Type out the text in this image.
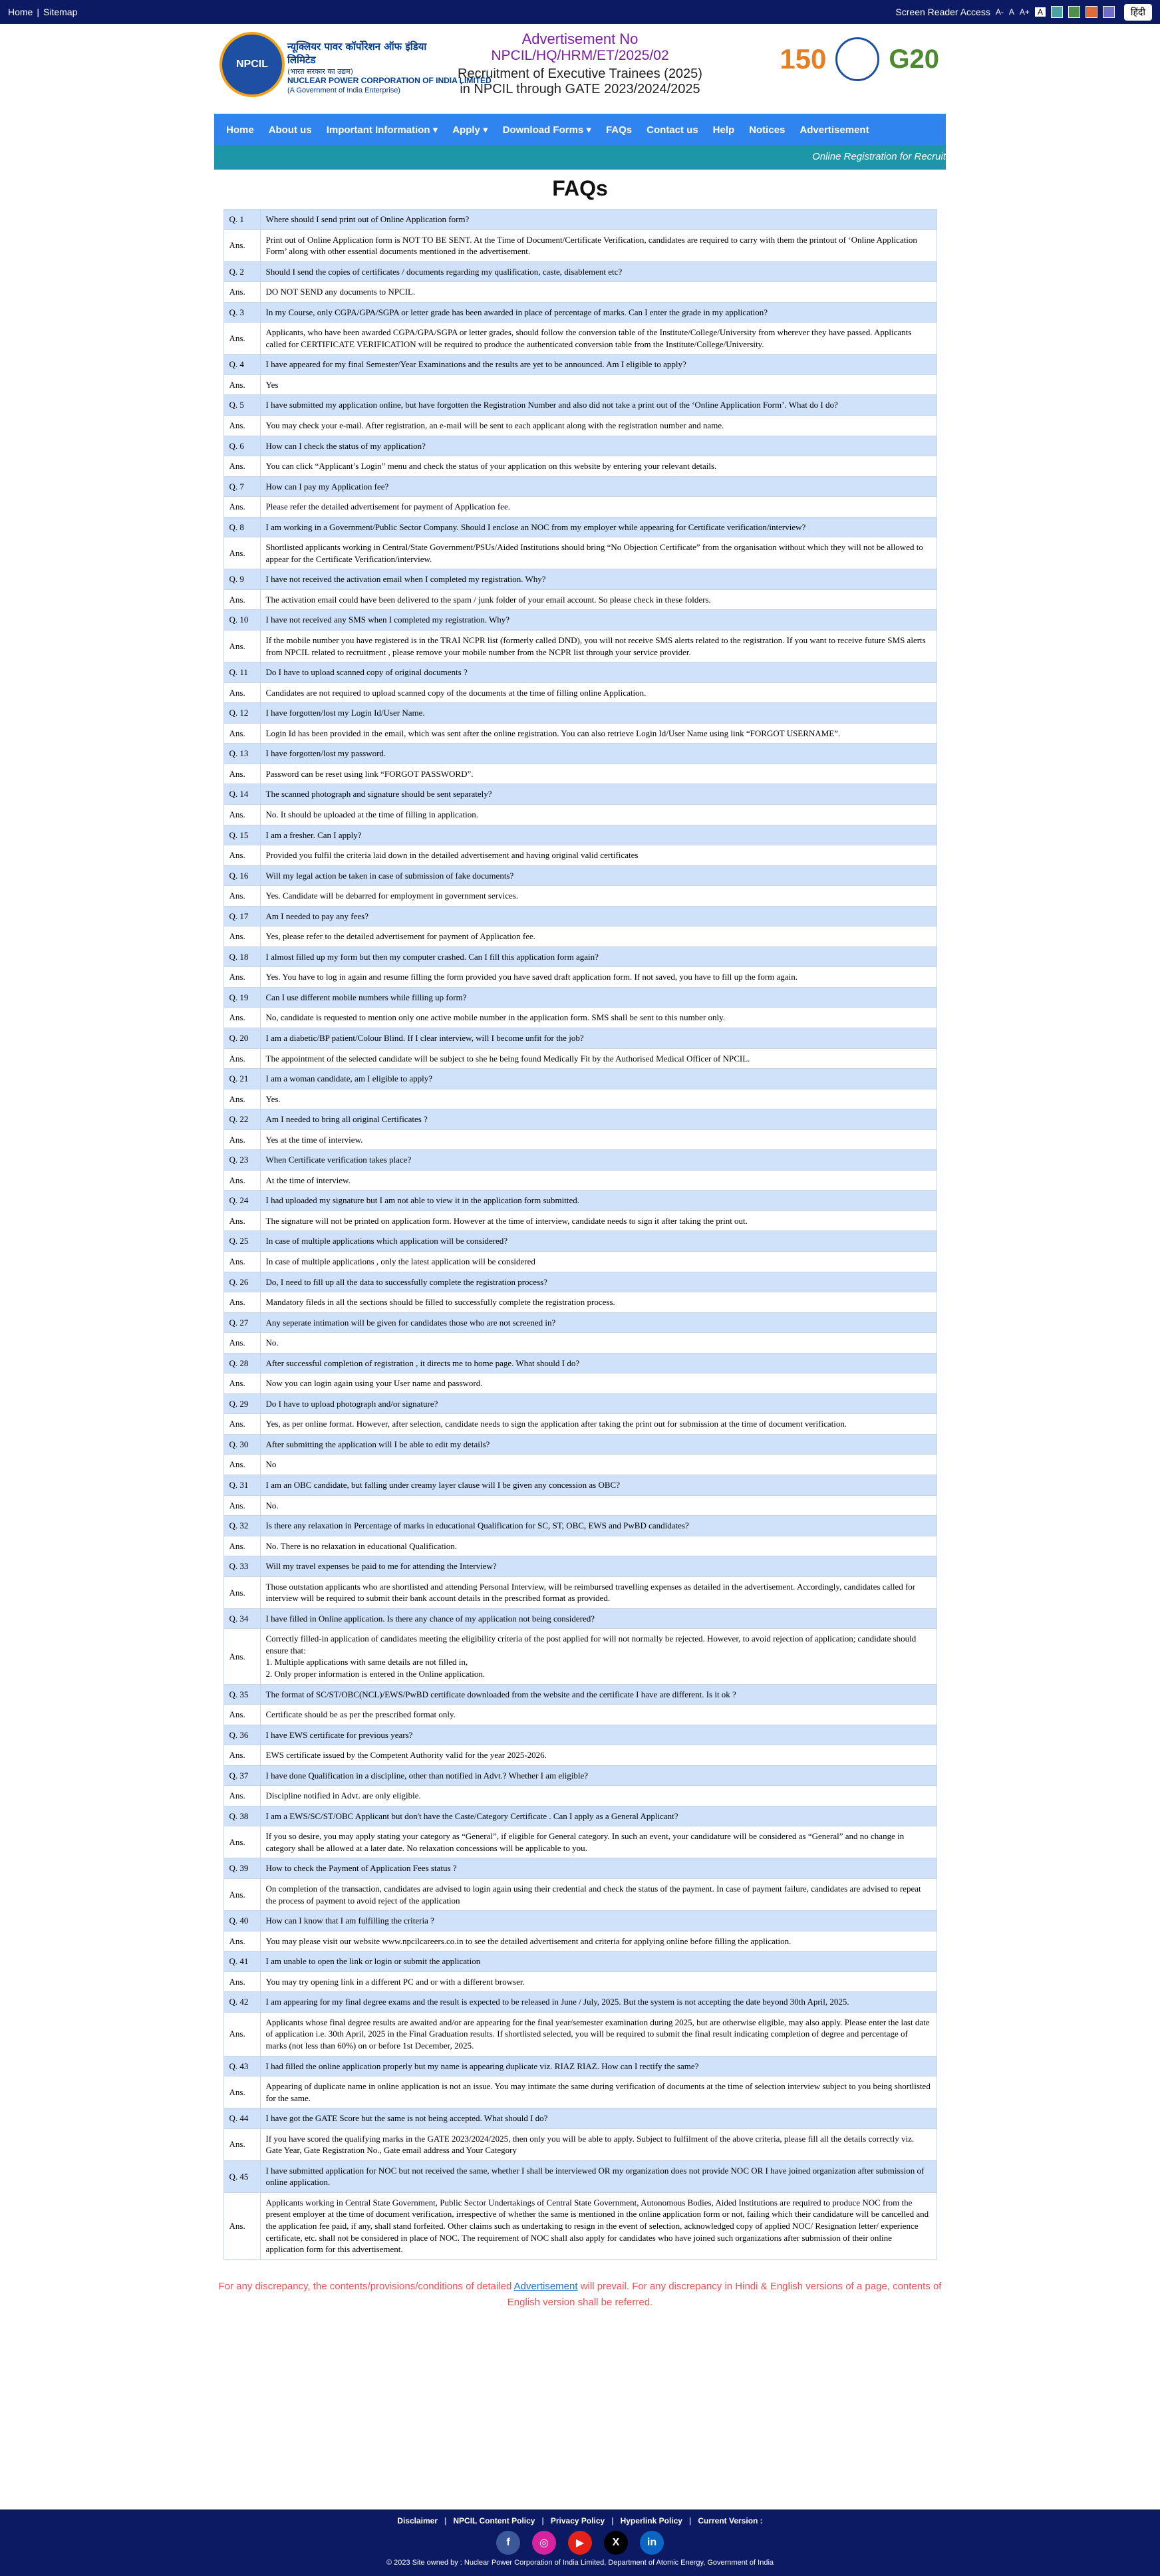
Home | Sitemap	Screen Reader Access A- A A+	A	हिंदी
NPCIL
न्यूक्लियर पावर कॉर्पोरेशन ऑफ इंडिया लिमिटेड
(भारत सरकार का उद्यम)
NUCLEAR POWER CORPORATION OF INDIA LIMITED
(A Government of India Enterprise)
Advertisement No
NPCIL/HQ/HRM/ET/2025/02
Recruitment of Executive Trainees (2025) in NPCIL through GATE 2023/2024/2025
150 G20
Home	About us	Important Information ▾	Apply ▾	Download Forms ▾	FAQs	Contact us	Help	Notices	Advertisement
Online Registration for Recruit
FAQs
Q. 1	Where should I send print out of Online Application form?
Ans.	Print out of Online Application form is NOT TO BE SENT. At the Time of Document/Certificate Verification, candidates are required to carry with them the printout of ‘Online Application Form’ along with other essential documents mentioned in the advertisement.
Q. 2	Should I send the copies of certificates / documents regarding my qualification, caste, disablement etc?
Ans.	DO NOT SEND any documents to NPCIL.
Q. 3	In my Course, only CGPA/GPA/SGPA or letter grade has been awarded in place of percentage of marks. Can I enter the grade in my application?
Ans.	Applicants, who have been awarded CGPA/GPA/SGPA or letter grades, should follow the conversion table of the Institute/College/University from wherever they have passed. Applicants called for CERTIFICATE VERIFICATION will be required to produce the authenticated conversion table from the Institute/College/University.
Q. 4	I have appeared for my final Semester/Year Examinations and the results are yet to be announced. Am I eligible to apply?
Ans.	Yes
Q. 5	I have submitted my application online, but have forgotten the Registration Number and also did not take a print out of the ‘Online Application Form’. What do I do?
Ans.	You may check your e-mail. After registration, an e-mail will be sent to each applicant along with the registration number and name.
Q. 6	How can I check the status of my application?
Ans.	You can click “Applicant’s Login” menu and check the status of your application on this website by entering your relevant details.
Q. 7	How can I pay my Application fee?
Ans.	Please refer the detailed advertisement for payment of Application fee.
Q. 8	I am working in a Government/Public Sector Company. Should I enclose an NOC from my employer while appearing for Certificate verification/interview?
Ans.	Shortlisted applicants working in Central/State Government/PSUs/Aided Institutions should bring “No Objection Certificate” from the organisation without which they will not be allowed to appear for the Certificate Verification/interview.
Q. 9	I have not received the activation email when I completed my registration. Why?
Ans.	The activation email could have been delivered to the spam / junk folder of your email account. So please check in these folders.
Q. 10	I have not received any SMS when I completed my registration. Why?
Ans.	If the mobile number you have registered is in the TRAI NCPR list (formerly called DND), you will not receive SMS alerts related to the registration. If you want to receive future SMS alerts from NPCIL related to recruitment , please remove your mobile number from the NCPR list through your service provider.
Q. 11	Do I have to upload scanned copy of original documents ?
Ans.	Candidates are not required to upload scanned copy of the documents at the time of filling online Application.
Q. 12	I have forgotten/lost my Login Id/User Name.
Ans.	Login Id has been provided in the email, which was sent after the online registration. You can also retrieve Login Id/User Name using link “FORGOT USERNAME”.
Q. 13	I have forgotten/lost my password.
Ans.	Password can be reset using link “FORGOT PASSWORD”.
Q. 14	The scanned photograph and signature should be sent separately?
Ans.	No. It should be uploaded at the time of filling in application.
Q. 15	I am a fresher. Can I apply?
Ans.	Provided you fulfil the criteria laid down in the detailed advertisement and having original valid certificates
Q. 16	Will my legal action be taken in case of submission of fake documents?
Ans.	Yes. Candidate will be debarred for employment in government services.
Q. 17	Am I needed to pay any fees?
Ans.	Yes, please refer to the detailed advertisement for payment of Application fee.
Q. 18	I almost filled up my form but then my computer crashed. Can I fill this application form again?
Ans.	Yes. You have to log in again and resume filling the form provided you have saved draft application form. If not saved, you have to fill up the form again.
Q. 19	Can I use different mobile numbers while filling up form?
Ans.	No, candidate is requested to mention only one active mobile number in the application form. SMS shall be sent to this number only.
Q. 20	I am a diabetic/BP patient/Colour Blind. If I clear interview, will I become unfit for the job?
Ans.	The appointment of the selected candidate will be subject to she he being found Medically Fit by the Authorised Medical Officer of NPCIL.
Q. 21	I am a woman candidate, am I eligible to apply?
Ans.	Yes.
Q. 22	Am I needed to bring all original Certificates ?
Ans.	Yes at the time of interview.
Q. 23	When Certificate verification takes place?
Ans.	At the time of interview.
Q. 24	I had uploaded my signature but I am not able to view it in the application form submitted.
Ans.	The signature will not be printed on application form. However at the time of interview, candidate needs to sign it after taking the print out.
Q. 25	In case of multiple applications which application will be considered?
Ans.	In case of multiple applications , only the latest application will be considered
Q. 26	Do, I need to fill up all the data to successfully complete the registration process?
Ans.	Mandatory fileds in all the sections should be filled to successfully complete the registration process.
Q. 27	Any seperate intimation will be given for candidates those who are not screened in?
Ans.	No.
Q. 28	After successful completion of registration , it directs me to home page. What should I do?
Ans.	Now you can login again using your User name and password.
Q. 29	Do I have to upload photograph and/or signature?
Ans.	Yes, as per online format. However, after selection, candidate needs to sign the application after taking the print out for submission at the time of document verification.
Q. 30	After submitting the application will I be able to edit my details?
Ans.	No
Q. 31	I am an OBC candidate, but falling under creamy layer clause will I be given any concession as OBC?
Ans.	No.
Q. 32	Is there any relaxation in Percentage of marks in educational Qualification for SC, ST, OBC, EWS and PwBD candidates?
Ans.	No. There is no relaxation in educational Qualification.
Q. 33	Will my travel expenses be paid to me for attending the Interview?
Ans.	Those outstation applicants who are shortlisted and attending Personal Interview, will be reimbursed travelling expenses as detailed in the advertisement. Accordingly, candidates called for interview will be required to submit their bank account details in the prescribed format as provided.
Q. 34	I have filled in Online application. Is there any chance of my application not being considered?
Ans.	Correctly filled-in application of candidates meeting the eligibility criteria of the post applied for will not normally be rejected. However, to avoid rejection of application; candidate should ensure that:
1. Multiple applications with same details are not filled in,
2. Only proper information is entered in the Online application.
Q. 35	The format of SC/ST/OBC(NCL)/EWS/PwBD certificate downloaded from the website and the certificate I have are different. Is it ok ?
Ans.	Certificate should be as per the prescribed format only.
Q. 36	I have EWS certificate for previous years?
Ans.	EWS certificate issued by the Competent Authority valid for the year 2025-2026.
Q. 37	I have done Qualification in a discipline, other than notified in Advt.? Whether I am eligible?
Ans.	Discipline notified in Advt. are only eligible.
Q. 38	I am a EWS/SC/ST/OBC Applicant but don't have the Caste/Category Certificate . Can I apply as a General Applicant?
Ans.	If you so desire, you may apply stating your category as “General”, if eligible for General category. In such an event, your candidature will be considered as “General” and no change in category shall be allowed at a later date. No relaxation concessions will be applicable to you.
Q. 39	How to check the Payment of Application Fees status ?
Ans.	On completion of the transaction, candidates are advised to login again using their credential and check the status of the payment. In case of payment failure, candidates are advised to repeat the process of payment to avoid reject of the application
Q. 40	How can I know that I am fulfilling the criteria ?
Ans.	You may please visit our website www.npcilcareers.co.in to see the detailed advertisement and criteria for applying online before filling the application.
Q. 41	I am unable to open the link or login or submit the application
Ans.	You may try opening link in a different PC and or with a different browser.
Q. 42	I am appearing for my final degree exams and the result is expected to be released in June / July, 2025. But the system is not accepting the date beyond 30th April, 2025.
Ans.	Applicants whose final degree results are awaited and/or are appearing for the final year/semester examination during 2025, but are otherwise eligible, may also apply. Please enter the last date of application i.e. 30th April, 2025 in the Final Graduation results. If shortlisted selected, you will be required to submit the final result indicating completion of degree and percentage of marks (not less than 60%) on or before 1st December, 2025.
Q. 43	I had filled the online application properly but my name is appearing duplicate viz. RIAZ RIAZ. How can I rectify the same?
Ans.	Appearing of duplicate name in online application is not an issue. You may intimate the same during verification of documents at the time of selection interview subject to you being shortlisted for the same.
Q. 44	I have got the GATE Score but the same is not being accepted. What should I do?
Ans.	If you have scored the qualifying marks in the GATE 2023/2024/2025, then only you will be able to apply. Subject to fulfilment of the above criteria, please fill all the details correctly viz. Gate Year, Gate Registration No., Gate email address and Your Category
Q. 45	I have submitted application for NOC but not received the same, whether I shall be interviewed OR my organization does not provide NOC OR I have joined organization after submission of online application.
Ans.	Applicants working in Central State Government, Public Sector Undertakings of Central State Government, Autonomous Bodies, Aided Institutions are required to produce NOC from the present employer at the time of document verification, irrespective of whether the same is mentioned in the online application form or not, failing which their candidature will be cancelled and the application fee paid, if any, shall stand forfeited. Other claims such as undertaking to resign in the event of selection, acknowledged copy of applied NOC/ Resignation letter/ experience certificate, etc. shall not be considered in place of NOC. The requirement of NOC shall also apply for candidates who have joined such organizations after submission of their online application form for this advertisement.
For any discrepancy, the contents/provisions/conditions of detailed Advertisement will prevail. For any discrepancy in Hindi & English versions of a page, contents of English version shall be referred.
Disclaimer | NPCIL Content Policy | Privacy Policy | Hyperlink Policy | Current Version :
f	◎	▶	X	in
© 2023 Site owned by : Nuclear Power Corporation of India Limited, Department of Atomic Energy, Government of India
